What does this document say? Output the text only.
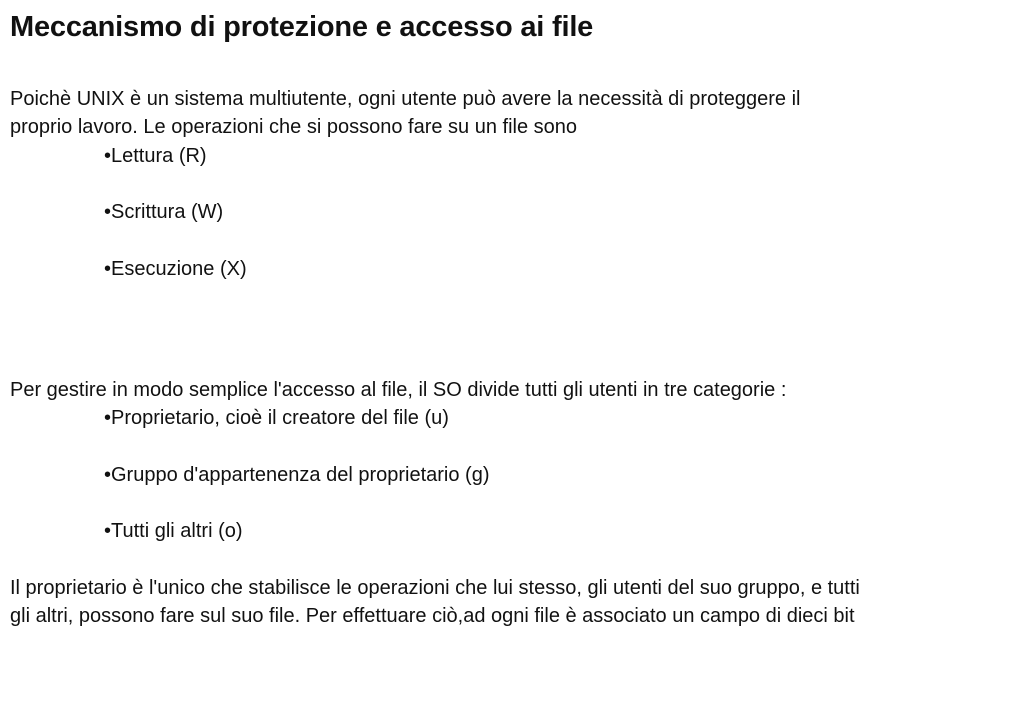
Meccanismo di protezione e accesso ai file

Poichè UNIX è un sistema multiutente, ogni utente può avere la necessità di proteggere il

proprio lavoro. Le operazioni che si possono fare su un file sono

•Lettura (R)

•Scrittura (W)

•Esecuzione (X)

Per gestire in modo semplice l'accesso al file, il SO divide tutti gli utenti in tre categorie :

•Proprietario, cioè il creatore del file (u)

•Gruppo d'appartenenza del proprietario (g)

•Tutti gli altri (o)

Il proprietario è l'unico che stabilisce le operazioni che lui stesso, gli utenti del suo gruppo, e tutti

gli altri, possono fare sul suo file. Per effettuare ciò,ad ogni file è associato un campo di dieci bit
